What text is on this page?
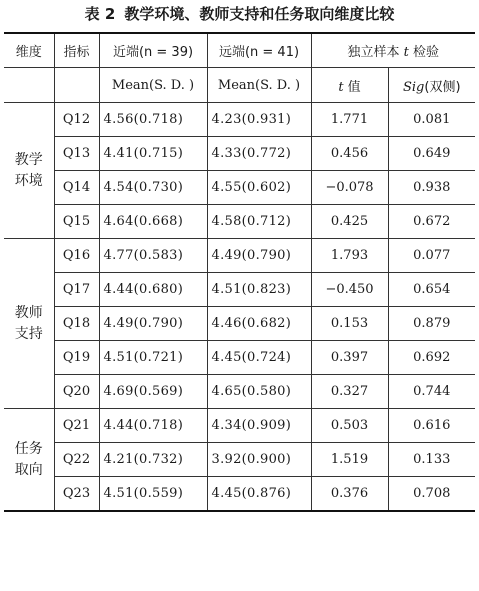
表 2 教学环境、教师支持和任务取向维度比较
维度	指标	近端(n = 39)	远端(n = 41)	独立样本 t 检验	
		Mean(S. D. )	Mean(S. D. )	t 值	Sig(双侧)

教学
环境	Q12	4.56(0.718)	4.23(0.931)	1.771	0.081
	Q13	4.41(0.715)	4.33(0.772)	0.456	0.649
	Q14	4.54(0.730)	4.55(0.602)	−0.078	0.938
	Q15	4.64(0.668)	4.58(0.712)	0.425	0.672

教师
支持	Q16	4.77(0.583)	4.49(0.790)	1.793	0.077
	Q17	4.44(0.680)	4.51(0.823)	−0.450	0.654
	Q18	4.49(0.790)	4.46(0.682)	0.153	0.879
	Q19	4.51(0.721)	4.45(0.724)	0.397	0.692
	Q20	4.69(0.569)	4.65(0.580)	0.327	0.744

任务
取向	Q21	4.44(0.718)	4.34(0.909)	0.503	0.616
	Q22	4.21(0.732)	3.92(0.900)	1.519	0.133
	Q23	4.51(0.559)	4.45(0.876)	0.376	0.708
